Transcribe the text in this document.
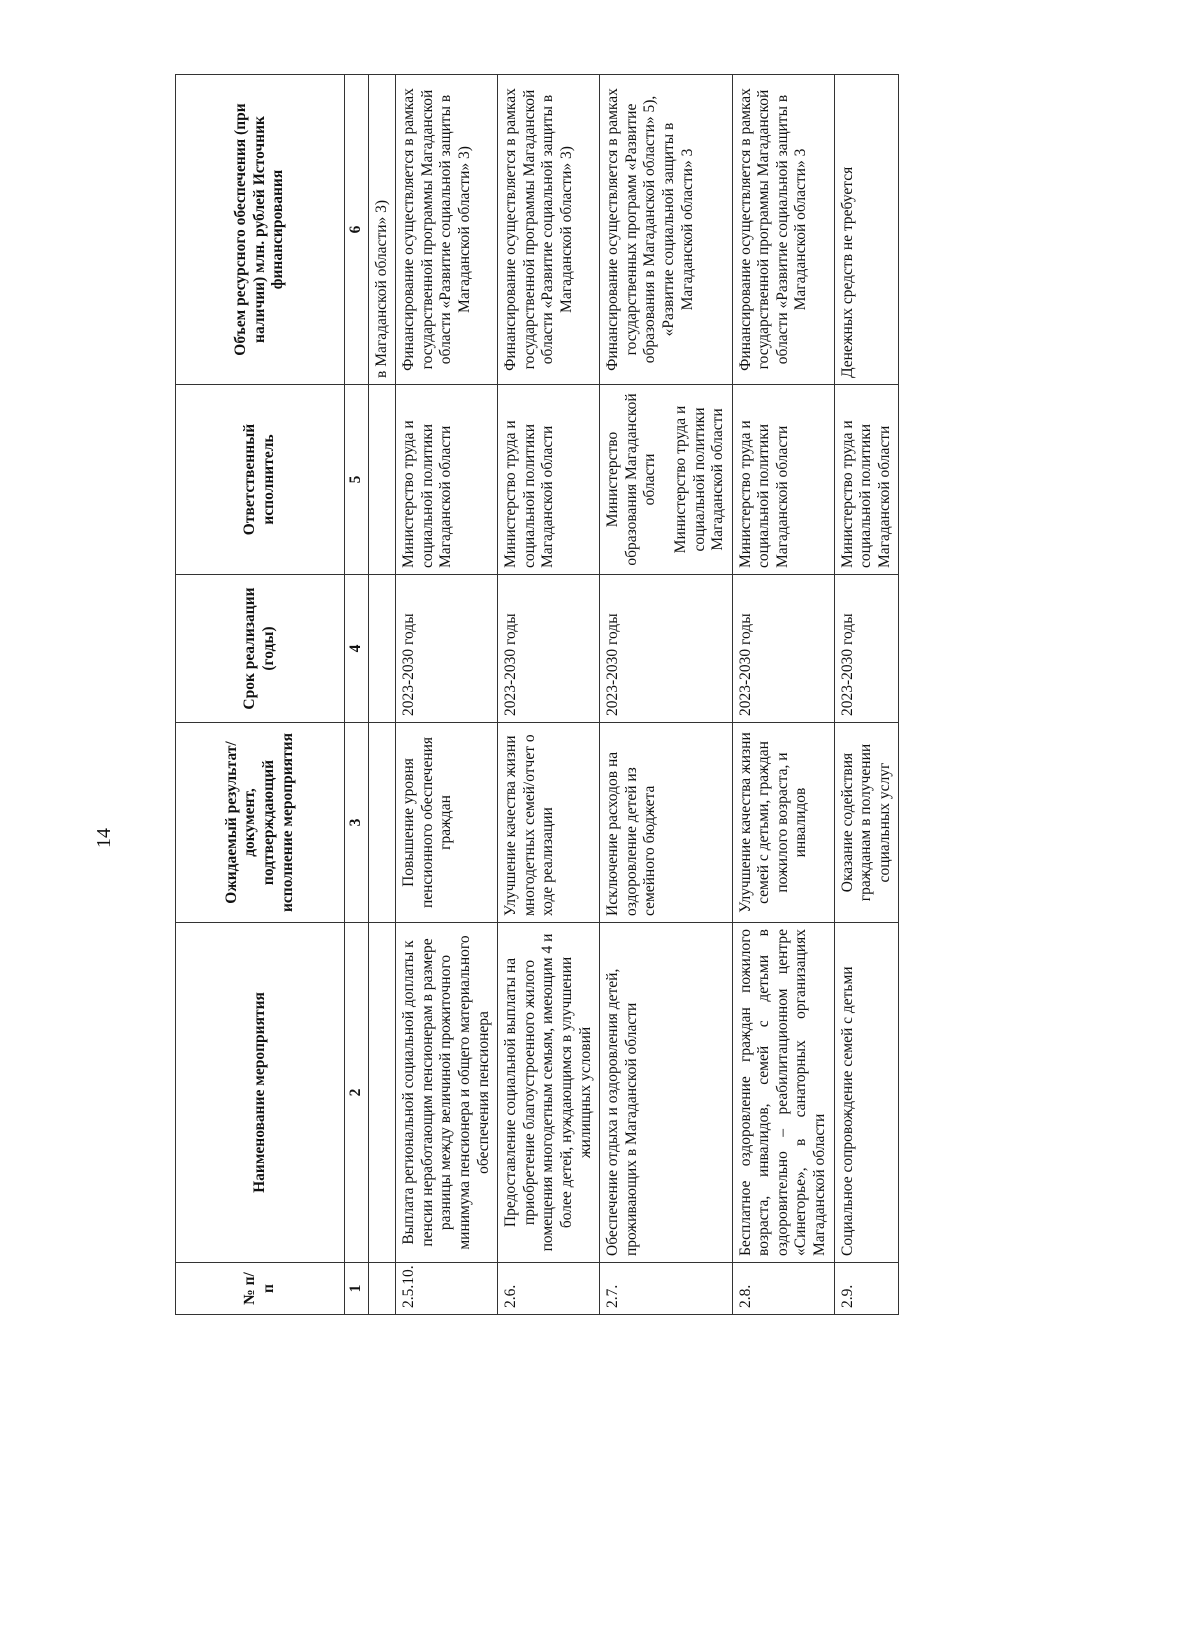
14
№ п/п	Наименование мероприятия	Ожидаемый результат/ документ, подтверждающий исполнение мероприятия	Срок реализации (годы)	Ответственный исполнитель	Объем ресурсного обеспечения (при наличии) млн. рублей Источник финансирования
1	2	3	4	5	6
					в Магаданской области» 3)
2.5.10.	Выплата региональной социальной доплаты к пенсии неработающим пенсионерам в размере разницы между величиной прожиточного минимума пенсионера и общего материального обеспечения пенсионера	Повышение уровня пенсионного обеспечения граждан	2023-2030 годы	Министерство труда и социальной политики Магаданской области	Финансирование осуществляется в рамках государственной программы Магаданской области «Развитие социальной защиты в Магаданской области» 3)
2.6.	Предоставление социальной выплаты на приобретение благоустроенного жилого помещения многодетным семьям, имеющим 4 и более детей, нуждающимся в улучшении жилищных условий	Улучшение качества жизни многодетных семей/отчет о ходе реализации	2023-2030 годы	Министерство труда и социальной политики Магаданской области	Финансирование осуществляется в рамках государственной программы Магаданской области «Развитие социальной защиты в Магаданской области» 3)
2.7.	Обеспечение отдыха и оздоровления детей, проживающих в Магаданской области	Исключение расходов на оздоровление детей из семейного бюджета	2023-2030 годы	Министерство образования Магаданской области Министерство труда и социальной политики Магаданской области	Финансирование осуществляется в рамках государственных программ «Развитие образования в Магаданской области» 5), «Развитие социальной защиты в Магаданской области» 3
2.8.	Бесплатное оздоровление граждан пожилого возраста, инвалидов, семей с детьми в оздоровительно – реабилитационном центре «Синегорье», в санаторных организациях Магаданской области	Улучшение качества жизни семей с детьми, граждан пожилого возраста, и инвалидов	2023-2030 годы	Министерство труда и социальной политики Магаданской области	Финансирование осуществляется в рамках государственной программы Магаданской области «Развитие социальной защиты в Магаданской области» 3
2.9.	Социальное сопровождение семей с детьми	Оказание содействия гражданам в получении социальных услуг	2023-2030 годы	Министерство труда и социальной политики Магаданской области	Денежных средств не требуется
